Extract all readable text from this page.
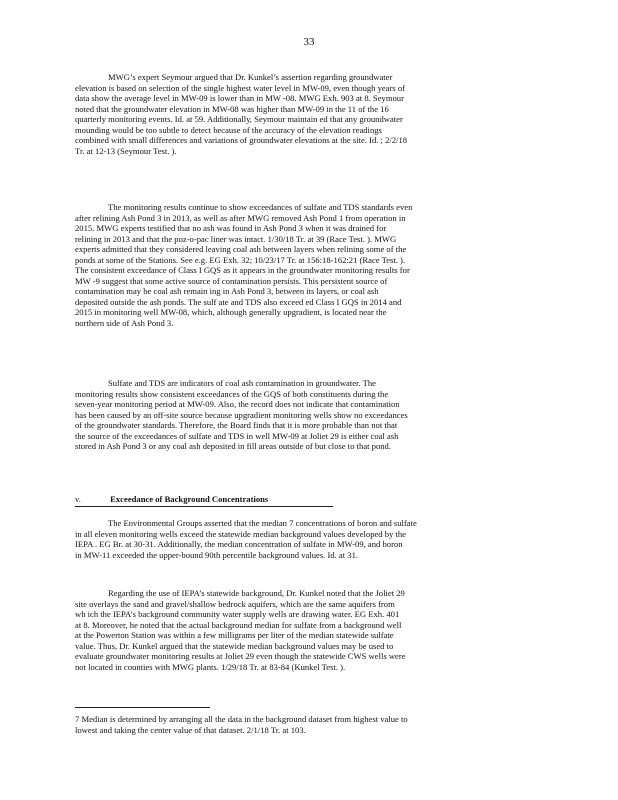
33
MWG’s expert Seymour argued that Dr. Kunkel’s assertion regarding groundwater
elevation is based on selection of the single highest water level in MW-09, even though years of
data show the average level in MW-09 is lower than in MW -08. MWG Exh. 903 at 8. Seymour
noted that the groundwater elevation in MW-08 was higher than MW-09 in the 11 of the 16
quarterly monitoring events. Id. at 59. Additionally, Seymour maintain ed that any groundwater
mounding would be too subtle to detect because of the accuracy of the elevation readings
combined with small differences and variations of groundwater elevations at the site. Id. ; 2/2/18
Tr. at 12-13 (Seymour Test. ).
The monitoring results continue to show exceedances of sulfate and TDS standards even
after relining Ash Pond 3 in 2013, as well as after MWG removed Ash Pond 1 from operation in
2015. MWG experts testified that no ash was found in Ash Pond 3 when it was drained for
relining in 2013 and that the poz-o-pac liner was intact. 1/30/18 Tr. at 39 (Race Test. ). MWG
experts admitted that they considered leaving coal ash between layers when relining some of the
ponds at some of the Stations. See e.g. EG Exh. 32; 10/23/17 Tr. at 156:18-162:21 (Race Test. ).
The consistent exceedance of Class I GQS as it appears in the groundwater monitoring results for
MW -9 suggest that some active source of contamination persists. This persistent source of
contamination may be coal ash remain ing in Ash Pond 3, between its layers, or coal ash
deposited outside the ash ponds. The sulf ate and TDS also exceed ed Class I GQS in 2014 and
2015 in monitoring well MW-08, which, although generally upgradient, is located near the
northern side of Ash Pond 3.
Sulfate and TDS are indicators of coal ash contamination in groundwater. The
monitoring results show consistent exceedances of the GQS of both constituents during the
seven-year monitoring period at MW-09. Also, the record does not indicate that contamination
has been caused by an off-site source because upgradient monitoring wells show no exceedances
of the groundwater standards. Therefore, the Board finds that it is more probable than not that
the source of the exceedances of sulfate and TDS in well MW-09 at Joliet 29 is either coal ash
stored in Ash Pond 3 or any coal ash deposited in fill areas outside of but close to that pond.
v.	Exceedance of Background Concentrations
The Environmental Groups asserted that the median 7 concentrations of boron and sulfate
in all eleven monitoring wells exceed the statewide median background values developed by the
IEPA . EG Br. at 30-31. Additionally, the median concentration of sulfate in MW-09, and boron
in MW-11 exceeded the upper-bound 90th percentile background values. Id. at 31.
Regarding the use of IEPA’s statewide background, Dr. Kunkel noted that the Joliet 29
site overlays the sand and gravel/shallow bedrock aquifers, which are the same aquifers from
wh ich the IEPA’s background community water supply wells are drawing water. EG Exh. 401
at 8. Moreover, he noted that the actual background median for sulfate from a background well
at the Powerton Station was within a few milligrams per liter of the median statewide sulfate
value. Thus, Dr. Kunkel argued that the statewide median background values may be used to
evaluate groundwater monitoring results at Joliet 29 even though the statewide CWS wells were
not located in counties with MWG plants. 1/29/18 Tr. at 83-84 (Kunkel Test. ).
7 Median is determined by arranging all the data in the background dataset from highest value to
lowest and taking the center value of that dataset. 2/1/18 Tr. at 103.
